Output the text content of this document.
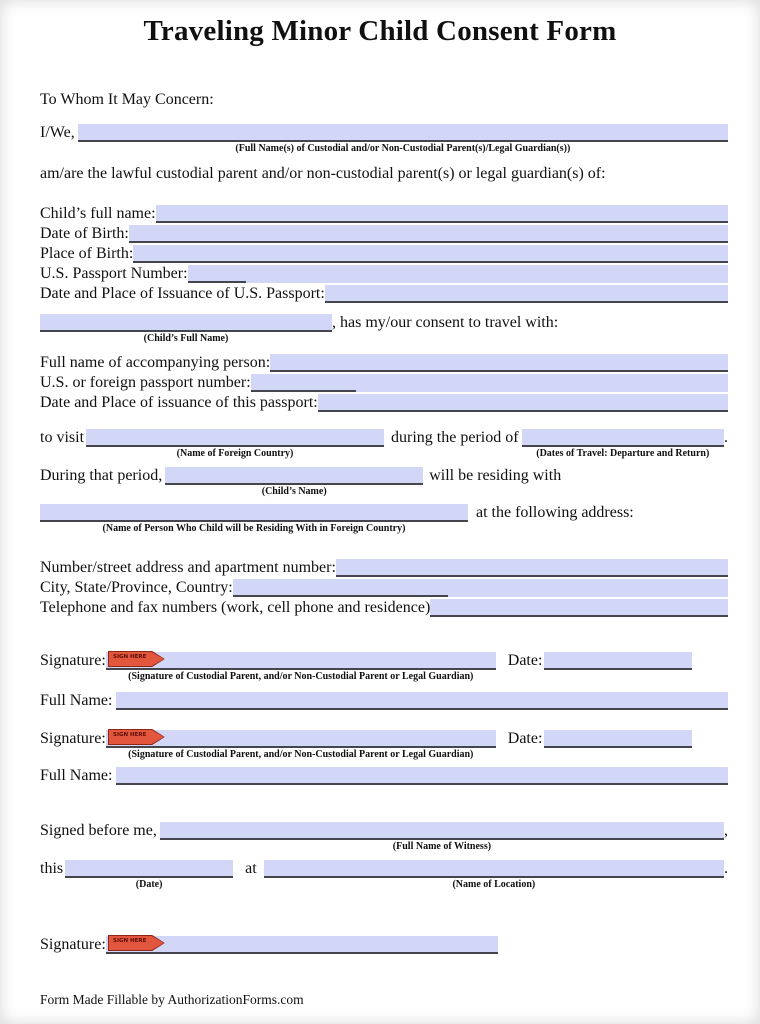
Traveling Minor Child Consent Form
To Whom It May Concern:
I/We,
(Full Name(s) of Custodial and/or Non-Custodial Parent(s)/Legal Guardian(s))
am/are the lawful custodial parent and/or non-custodial parent(s) or legal guardian(s) of:
Child’s full name:
Date of Birth:
Place of Birth:
U.S. Passport Number:
Date and Place of Issuance of U.S. Passport:
(Child’s Full Name)
, has my/our consent to travel with:
Full name of accompanying person:
U.S. or foreign passport number:
Date and Place of issuance of this passport:
to visit
(Name of Foreign Country)
during the period of
(Dates of Travel: Departure and Return)
.
During that period,
(Child’s Name)
will be residing with
(Name of Person Who Child will be Residing With in Foreign Country)
at the following address:
Number/street address and apartment number:
City, State/Province, Country:
Telephone and fax numbers (work, cell phone and residence)
Signature: SIGN HERE
(Signature of Custodial Parent, and/or Non-Custodial Parent or Legal Guardian)
Date:
Full Name:
Signature: SIGN HERE
(Signature of Custodial Parent, and/or Non-Custodial Parent or Legal Guardian)
Date:
Full Name:
Signed before me,
(Full Name of Witness)
,
this
(Date)
at
(Name of Location)
.
Signature: SIGN HERE
Form Made Fillable by AuthorizationForms.com
